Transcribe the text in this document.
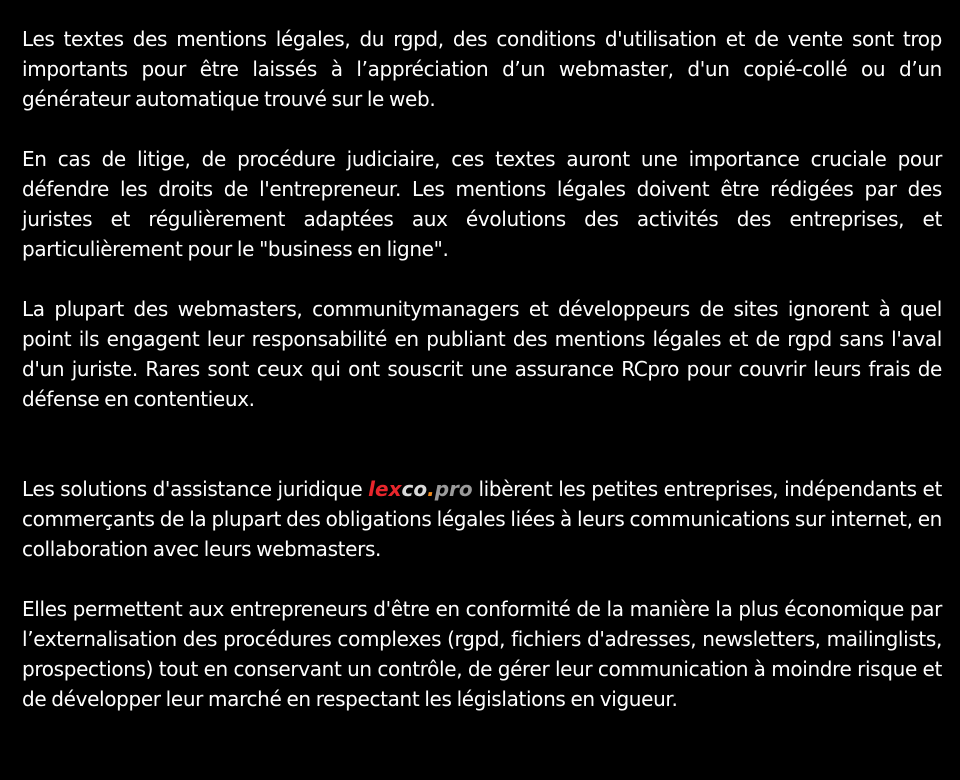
Les textes des mentions légales, du rgpd, des conditions d'utilisation et de vente sont trop importants pour être laissés à l’appréciation d’un webmaster, d'un copié-collé ou d’un générateur automatique trouvé sur le web.

En cas de litige, de procédure judiciaire, ces textes auront une importance cruciale pour défendre les droits de l'entrepreneur. Les mentions légales doivent être rédigées par des juristes et régulièrement adaptées aux évolutions des activités des entreprises, et particulièrement pour le "business en ligne".

La plupart des webmasters, communitymanagers et développeurs de sites ignorent à quel point ils engagent leur responsabilité en publiant des mentions légales et de rgpd sans l'aval d'un juriste. Rares sont ceux qui ont souscrit une assurance RCpro pour couvrir leurs frais de défense en contentieux.

Les solutions d'assistance juridique lexco.pro libèrent les petites entreprises, indépendants et commerçants de la plupart des obligations légales liées à leurs communications sur internet, en collaboration avec leurs webmasters.

Elles permettent aux entrepreneurs d'être en conformité de la manière la plus économique par l’externalisation des procédures complexes (rgpd, fichiers d'adresses, newsletters, mailinglists, prospections) tout en conservant un contrôle, de gérer leur communication à moindre risque et de développer leur marché en respectant les législations en vigueur.
